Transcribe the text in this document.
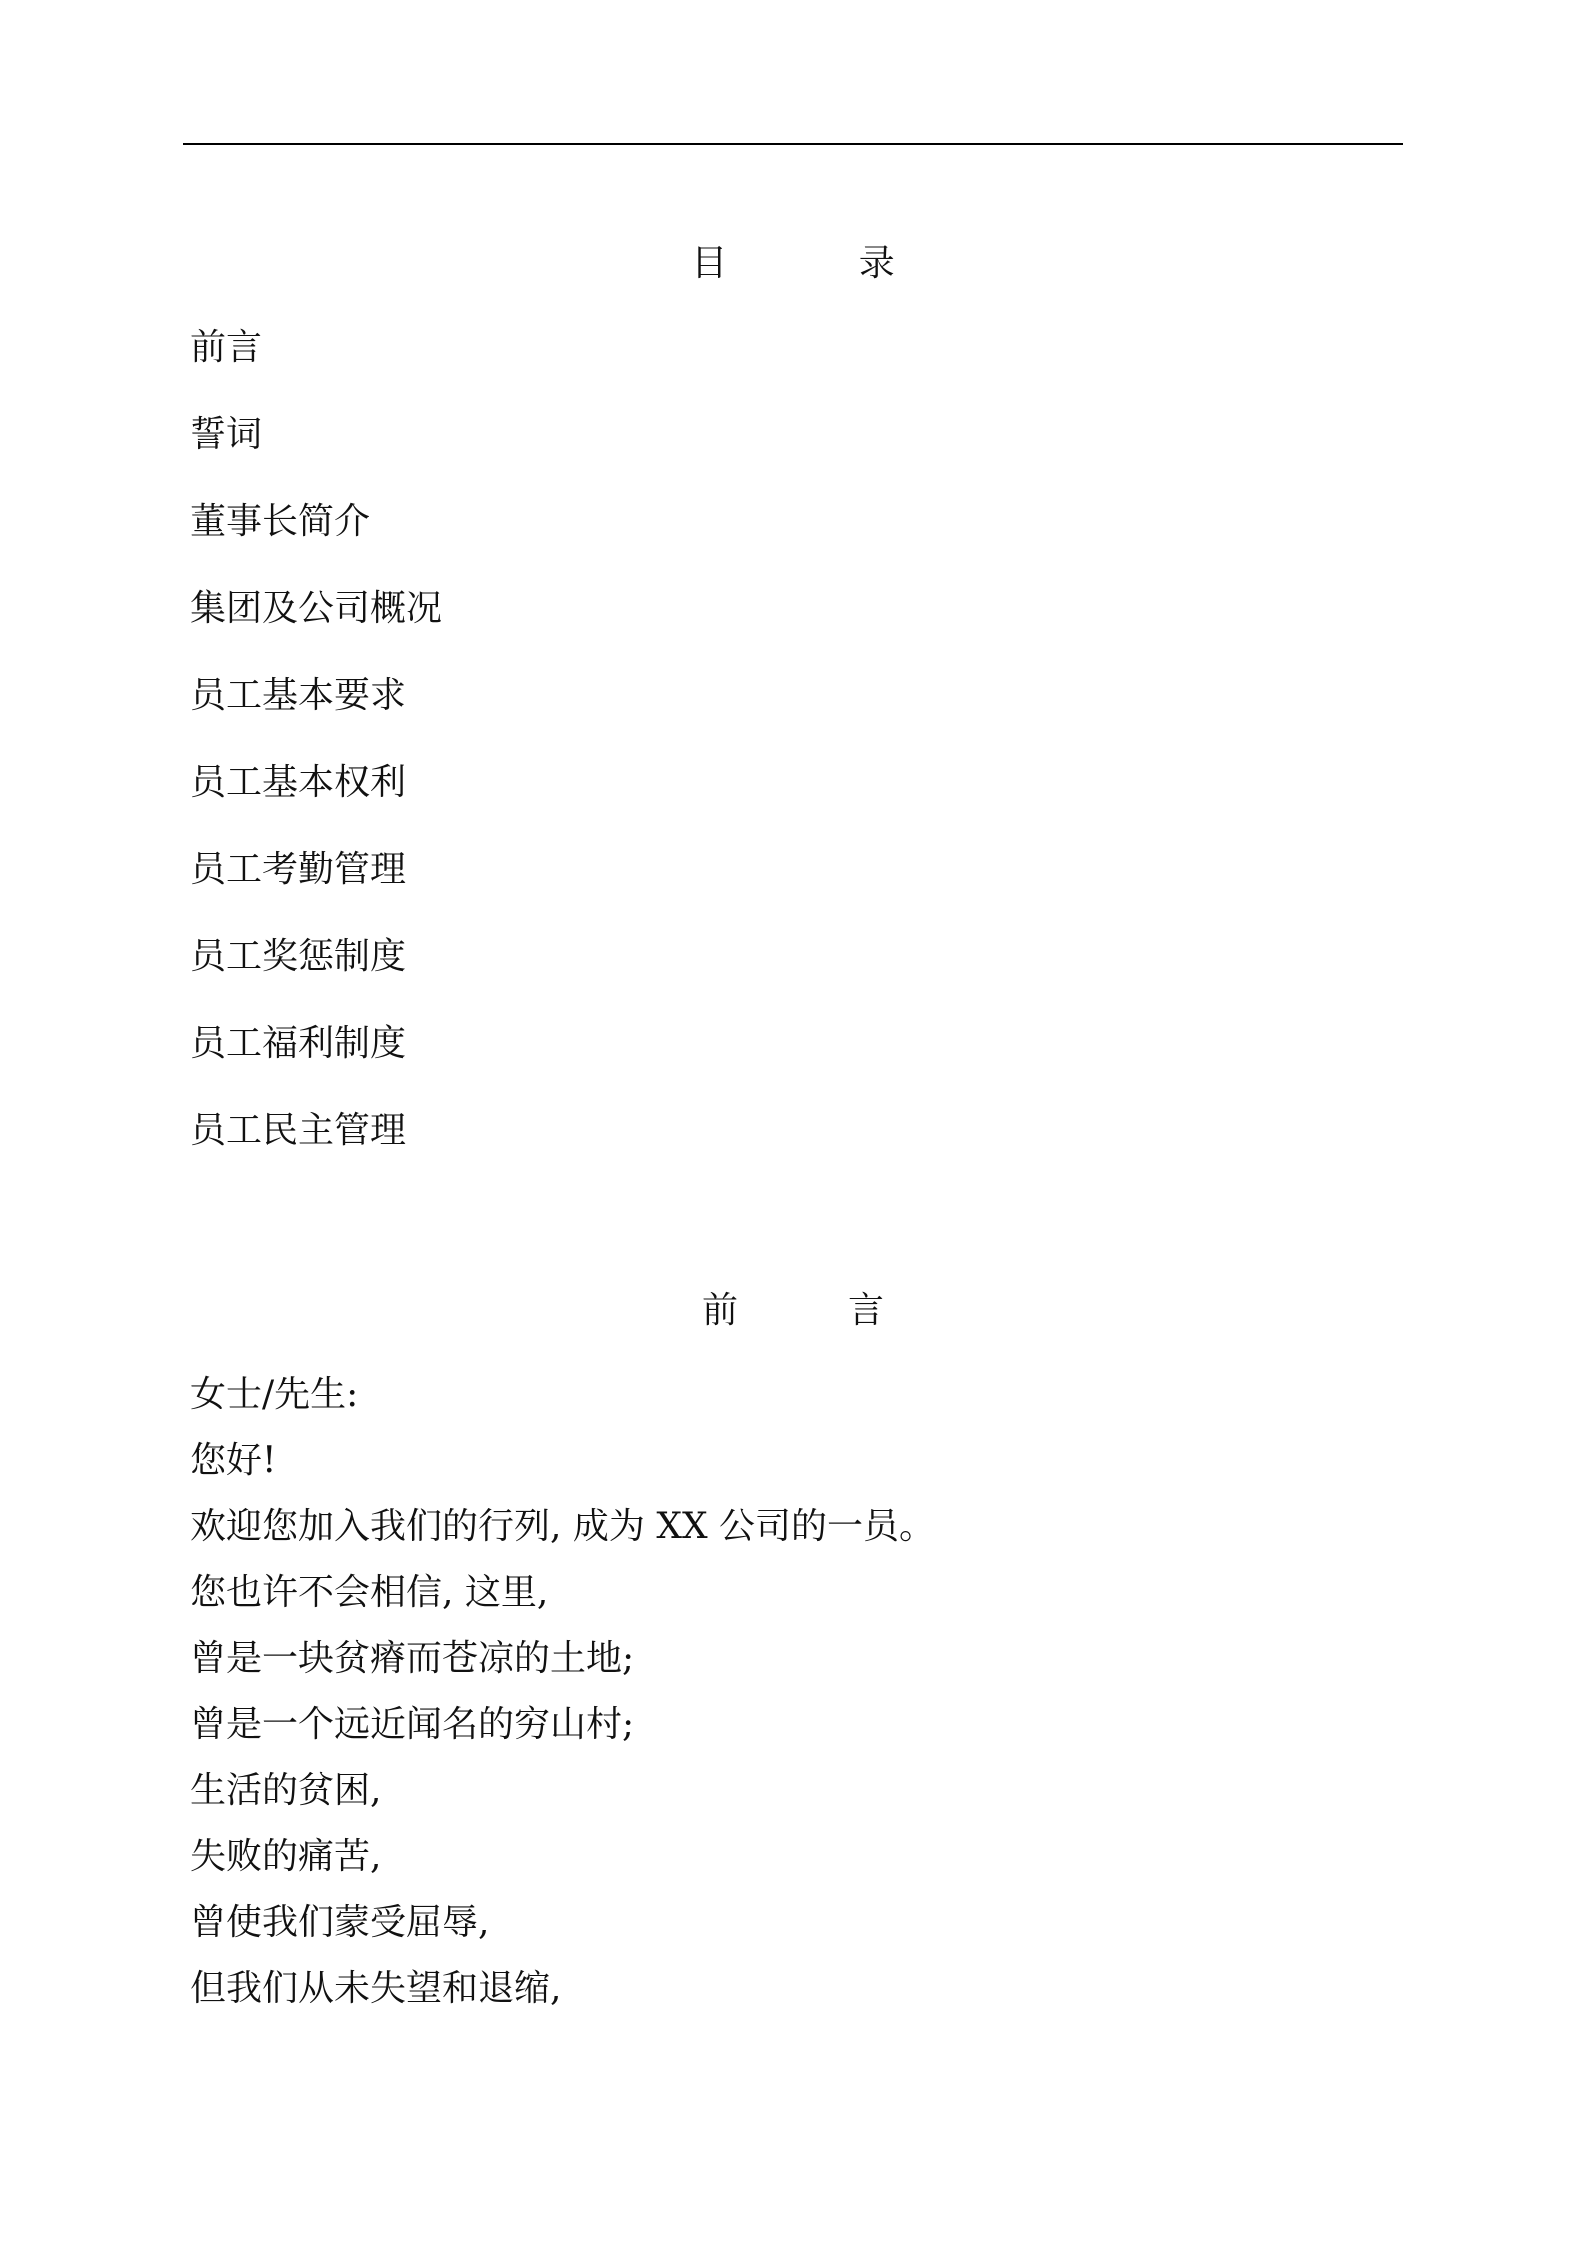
目 录
前言
誓词
董事长简介
集团及公司概况
员工基本要求
员工基本权利
员工考勤管理
员工奖惩制度
员工福利制度
员工民主管理
前言
女士/先生:
您好!
欢迎您加入我们的行列, 成为 XX 公司的一员。
您也许不会相信, 这里,
曾是一块贫瘠而苍凉的土地;
曾是一个远近闻名的穷山村;
生活的贫困,
失败的痛苦,
曾使我们蒙受屈辱,
但我们从未失望和退缩,
